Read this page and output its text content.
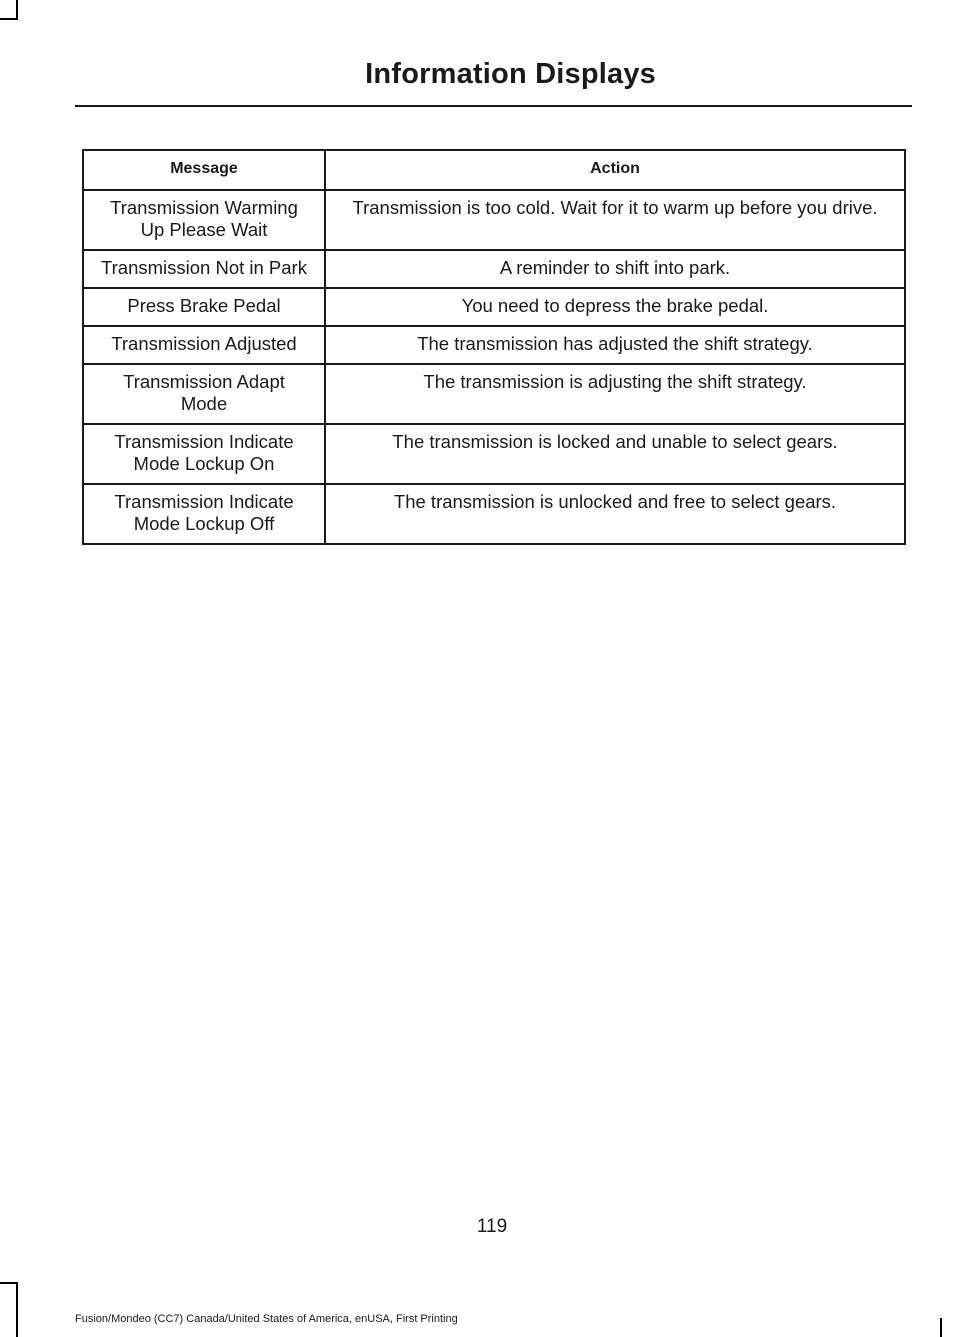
Information Displays
Message	Action
Transmission Warming
Up Please Wait	Transmission is too cold. Wait for it to warm up before you drive.
Transmission Not in Park	A reminder to shift into park.
Press Brake Pedal	You need to depress the brake pedal.
Transmission Adjusted	The transmission has adjusted the shift strategy.
Transmission Adapt
Mode	The transmission is adjusting the shift strategy.
Transmission Indicate
Mode Lockup On	The transmission is locked and unable to select gears.
Transmission Indicate
Mode Lockup Off	The transmission is unlocked and free to select gears.
119
Fusion/Mondeo (CC7) Canada/United States of America, enUSA, First Printing
